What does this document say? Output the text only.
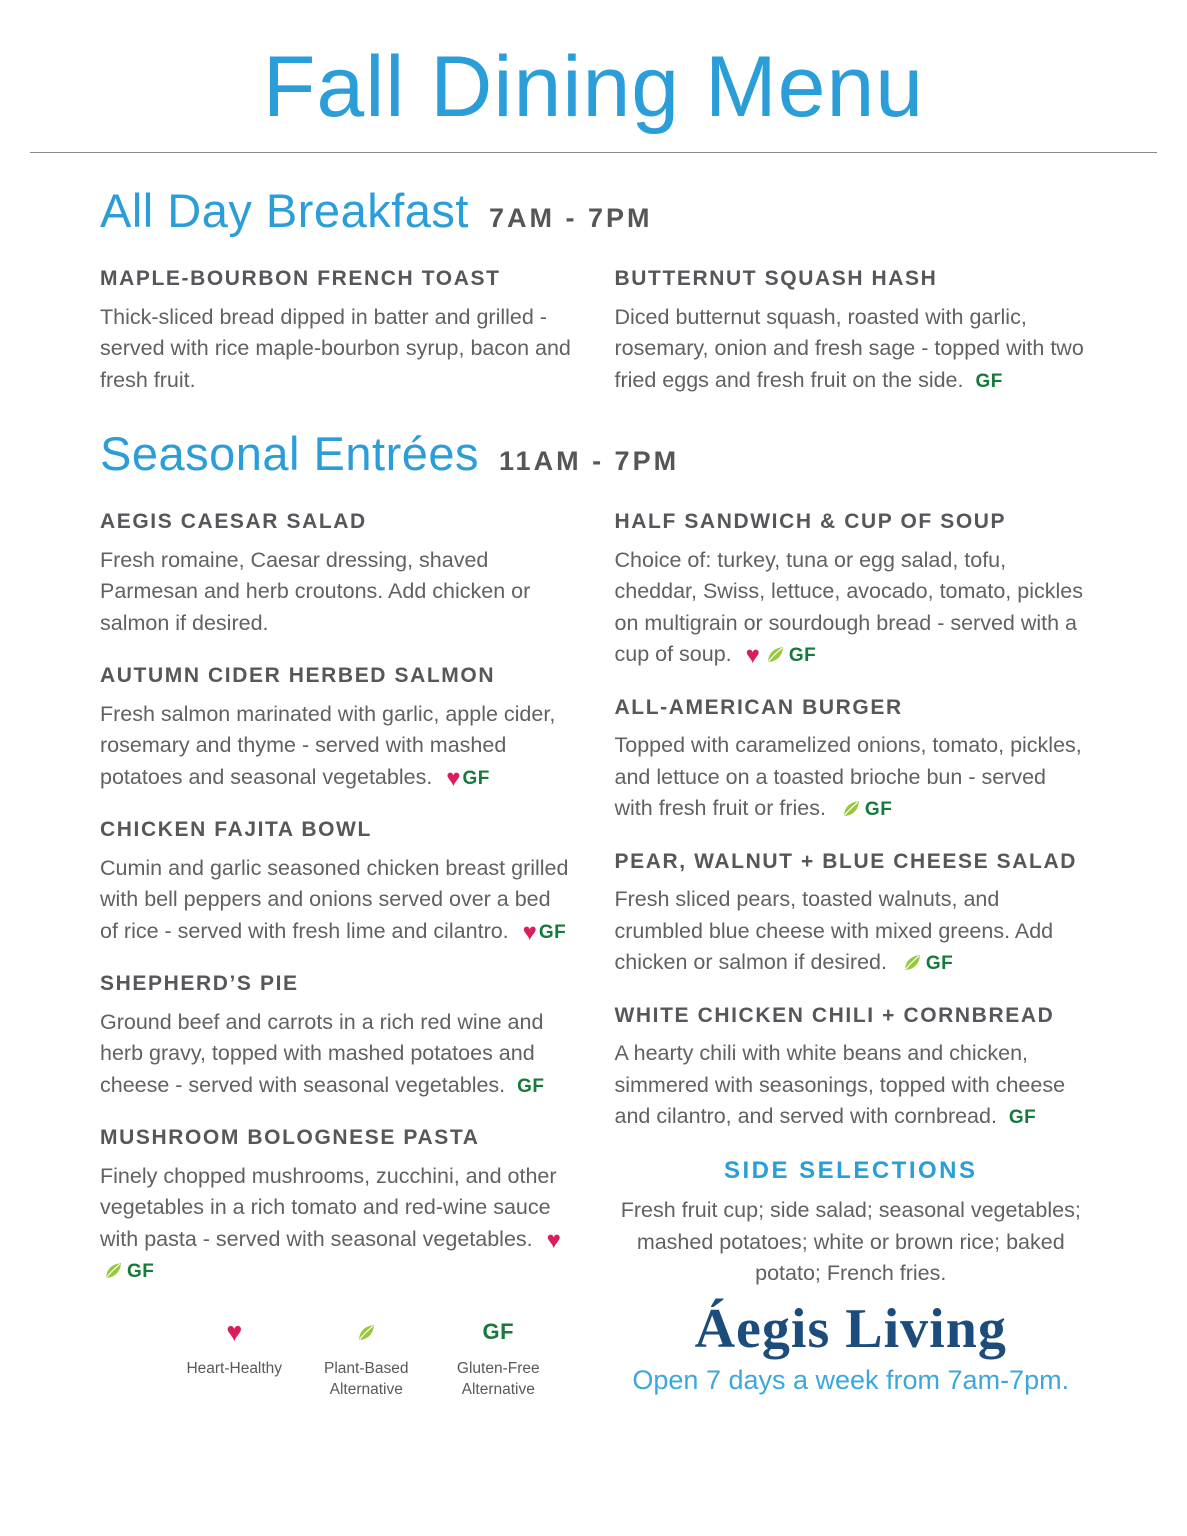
Fall Dining Menu
All Day Breakfast 7AM - 7PM
MAPLE-BOURBON FRENCH TOAST

Thick-sliced bread dipped in batter and grilled - served with rice maple-bourbon syrup, bacon and fresh fruit.

BUTTERNUT SQUASH HASH

Diced butternut squash, roasted with garlic, rosemary, onion and fresh sage - topped with two fried eggs and fresh fruit on the side.  GF

Seasonal Entrées 11AM - 7PM
AEGIS CAESAR SALAD

Fresh romaine, Caesar dressing, shaved Parmesan and herb croutons. Add chicken or salmon if desired.

AUTUMN CIDER HERBED SALMON

Fresh salmon marinated with garlic, apple cider, rosemary and thyme - served with mashed potatoes and seasonal vegetables.  ♥ GF

CHICKEN FAJITA BOWL

Cumin and garlic seasoned chicken breast grilled with bell peppers and onions served over a bed of rice - served with fresh lime and cilantro.  ♥ GF

SHEPHERD’S PIE

Ground beef and carrots in a rich red wine and herb gravy, topped with mashed potatoes and cheese - served with seasonal vegetables.  GF

MUSHROOM BOLOGNESE PASTA

Finely chopped mushrooms, zucchini, and other vegetables in a rich tomato and red-wine sauce with pasta - served with seasonal vegetables.  ♥GF

♥
Heart-Healthy	Plant-Based
Alternative
GF
Gluten-Free
Alternative
HALF SANDWICH & CUP OF SOUP

Choice of: turkey, tuna or egg salad, tofu, cheddar, Swiss, lettuce, avocado, tomato, pickles on multigrain or sourdough bread - served with a cup of soup.  ♥ GF

ALL-AMERICAN BURGER

Topped with caramelized onions, tomato, pickles, and lettuce on a toasted brioche bun - served with fresh fruit or fries.  GF

PEAR, WALNUT + BLUE CHEESE SALAD

Fresh sliced pears, toasted walnuts, and crumbled blue cheese with mixed greens. Add chicken or salmon if desired.  GF

WHITE CHICKEN CHILI + CORNBREAD

A hearty chili with white beans and chicken, simmered with seasonings, topped with cheese and cilantro, and served with cornbread.  GF

SIDE SELECTIONS

Fresh fruit cup; side salad; seasonal vegetables; mashed potatoes; white or brown rice; baked potato; French fries.

Áegis Living
Open 7 days a week from 7am-7pm.
